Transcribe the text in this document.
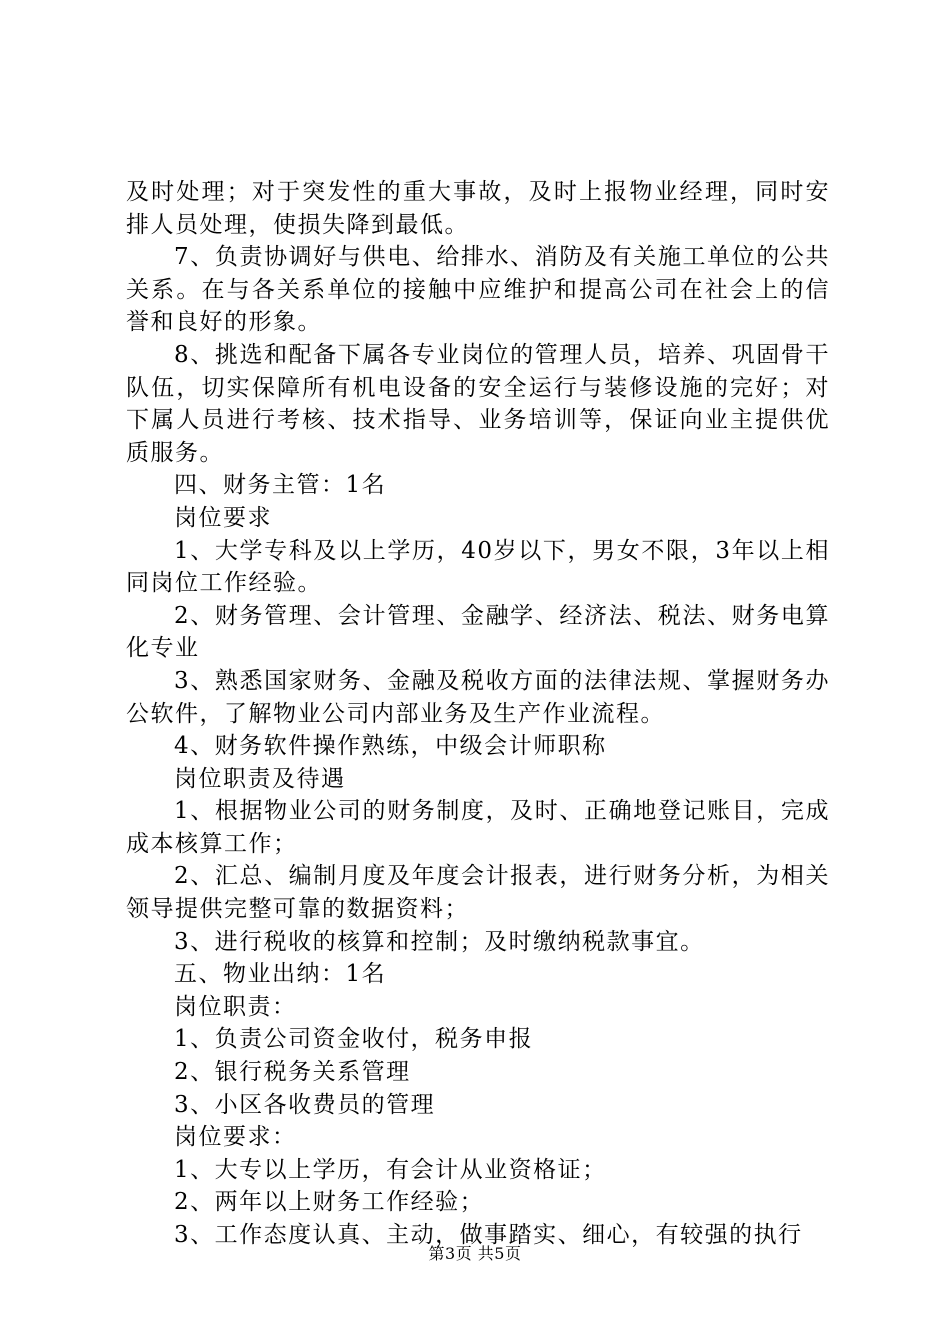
及时处理；对于突发性的重大事故，及时上报物业经理，同时安排人员处理，使损失降到最低。

7、负责协调好与供电、给排水、消防及有关施工单位的公共关系。在与各关系单位的接触中应维护和提高公司在社会上的信誉和良好的形象。

8、挑选和配备下属各专业岗位的管理人员，培养、巩固骨干队伍，切实保障所有机电设备的安全运行与装修设施的完好；对下属人员进行考核、技术指导、业务培训等，保证向业主提供优质服务。

四、财务主管：1名

岗位要求

1、大学专科及以上学历，40岁以下，男女不限，3年以上相同岗位工作经验。

2、财务管理、会计管理、金融学、经济法、税法、财务电算化专业

3、熟悉国家财务、金融及税收方面的法律法规、掌握财务办公软件，了解物业公司内部业务及生产作业流程。

4、财务软件操作熟练，中级会计师职称

岗位职责及待遇

1、根据物业公司的财务制度，及时、正确地登记账目，完成成本核算工作；

2、汇总、编制月度及年度会计报表，进行财务分析，为相关领导提供完整可靠的数据资料；

3、进行税收的核算和控制；及时缴纳税款事宜。

五、物业出纳：1名

岗位职责：

1、负责公司资金收付，税务申报

2、银行税务关系管理

3、小区各收费员的管理

岗位要求：

1、大专以上学历，有会计从业资格证；

2、两年以上财务工作经验；

3、工作态度认真、主动，做事踏实、细心，有较强的执行

第3页 共5页
